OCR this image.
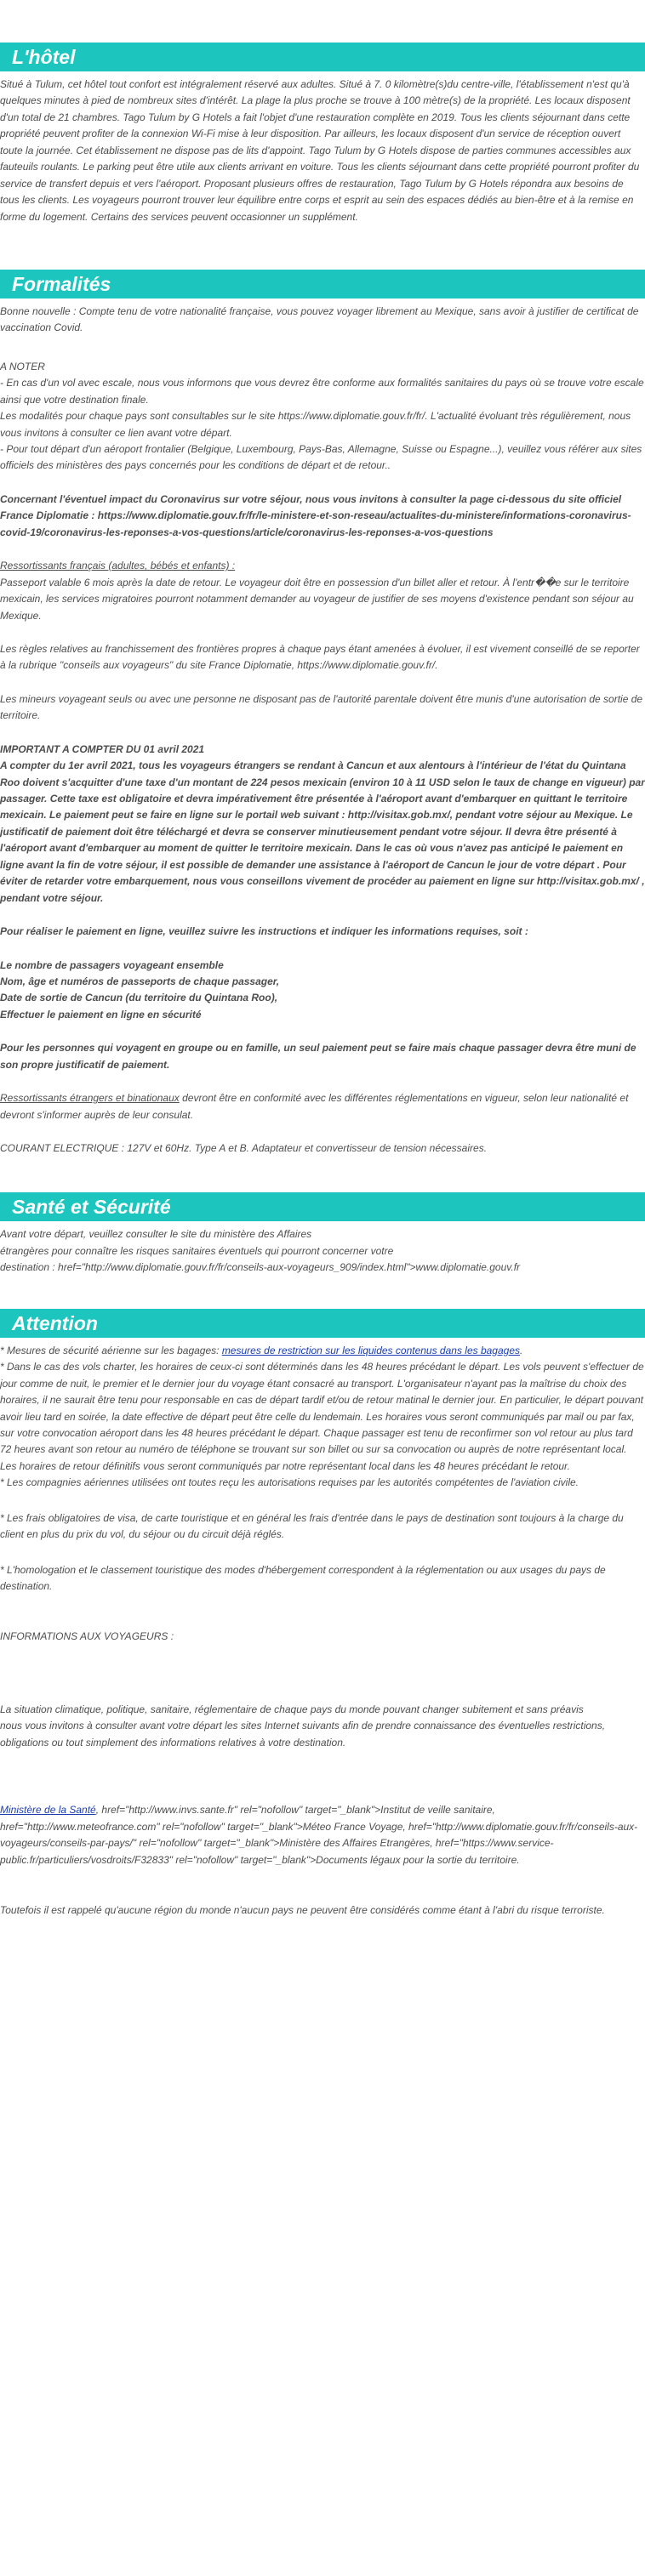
L'hôtel

Situé à Tulum, cet hôtel tout confort est intégralement réservé aux adultes. Situé à 7. 0 kilomètre(s)du centre-ville, l'établissement n'est qu'à quelques minutes à pied de nombreux sites d'intérêt. La plage la plus proche se trouve à 100 mètre(s) de la propriété. Les locaux disposent d'un total de 21 chambres. Tago Tulum by G Hotels a fait l'objet d'une restauration complète en 2019. Tous les clients séjournant dans cette propriété peuvent profiter de la connexion Wi-Fi mise à leur disposition. Par ailleurs, les locaux disposent d'un service de réception ouvert toute la journée. Cet établissement ne dispose pas de lits d'appoint. Tago Tulum by G Hotels dispose de parties communes accessibles aux fauteuils roulants. Le parking peut être utile aux clients arrivant en voiture. Tous les clients séjournant dans cette propriété pourront profiter du service de transfert depuis et vers l'aéroport. Proposant plusieurs offres de restauration, Tago Tulum by G Hotels répondra aux besoins de tous les clients. Les voyageurs pourront trouver leur équilibre entre corps et esprit au sein des espaces dédiés au bien-être et à la remise en forme du logement. Certains des services peuvent occasionner un supplément.

Formalités

Bonne nouvelle : Compte tenu de votre nationalité française, vous pouvez voyager librement au Mexique, sans avoir à justifier de certificat de vaccination Covid.

A NOTER

- En cas d'un vol avec escale, nous vous informons que vous devrez être conforme aux formalités sanitaires du pays où se trouve votre escale ainsi que votre destination finale.

Les modalités pour chaque pays sont consultables sur le site https://www.diplomatie.gouv.fr/fr/. L'actualité évoluant très régulièrement, nous vous invitons à consulter ce lien avant votre départ.

- Pour tout départ d'un aéroport frontalier (Belgique, Luxembourg, Pays-Bas, Allemagne, Suisse ou Espagne...), veuillez vous référer aux sites officiels des ministères des pays concernés pour les conditions de départ et de retour..

Concernant l'éventuel impact du Coronavirus sur votre séjour, nous vous invitons à consulter la page ci-dessous du site officiel France Diplomatie : https://www.diplomatie.gouv.fr/fr/le-ministere-et-son-reseau/actualites-du-ministere/informations-coronavirus-covid-19/coronavirus-les-reponses-a-vos-questions/article/coronavirus-les-reponses-a-vos-questions

Ressortissants français (adultes, bébés et enfants) :

Passeport valable 6 mois après la date de retour. Le voyageur doit être en possession d'un billet aller et retour. À l'entr��e sur le territoire mexicain, les services migratoires pourront notamment demander au voyageur de justifier de ses moyens d'existence pendant son séjour au Mexique.

Les règles relatives au franchissement des frontières propres à chaque pays étant amenées à évoluer, il est vivement conseillé de se reporter à la rubrique "conseils aux voyageurs" du site France Diplomatie, https://www.diplomatie.gouv.fr/.

Les mineurs voyageant seuls ou avec une personne ne disposant pas de l'autorité parentale doivent être munis d'une autorisation de sortie de territoire.

IMPORTANT A COMPTER DU 01 avril 2021

A compter du 1er avril 2021, tous les voyageurs étrangers se rendant à Cancun et aux alentours à l'intérieur de l'état du Quintana Roo doivent s'acquitter d'une taxe d'un montant de 224 pesos mexicain (environ 10 à 11 USD selon le taux de change en vigueur) par passager. Cette taxe est obligatoire et devra impérativement être présentée à l'aéroport avant d'embarquer en quittant le territoire mexicain. Le paiement peut se faire en ligne sur le portail web suivant : http://visitax.gob.mx/, pendant votre séjour au Mexique. Le justificatif de paiement doit être téléchargé et devra se conserver minutieusement pendant votre séjour. Il devra être présenté à l'aéroport avant d'embarquer au moment de quitter le territoire mexicain. Dans le cas où vous n'avez pas anticipé le paiement en ligne avant la fin de votre séjour, il est possible de demander une assistance à l'aéroport de Cancun le jour de votre départ . Pour éviter de retarder votre embarquement, nous vous conseillons vivement de procéder au paiement en ligne sur http://visitax.gob.mx/ , pendant votre séjour.

Pour réaliser le paiement en ligne, veuillez suivre les instructions et indiquer les informations requises, soit :

Le nombre de passagers voyageant ensemble

Nom, âge et numéros de passeports de chaque passager,

Date de sortie de Cancun (du territoire du Quintana Roo),

Effectuer le paiement en ligne en sécurité

Pour les personnes qui voyagent en groupe ou en famille, un seul paiement peut se faire mais chaque passager devra être muni de son propre justificatif de paiement.

Ressortissants étrangers et binationaux devront être en conformité avec les différentes réglementations en vigueur, selon leur nationalité et devront s'informer auprès de leur consulat.

COURANT ELECTRIQUE : 127V et 60Hz. Type A et B. Adaptateur et convertisseur de tension nécessaires.

Santé et Sécurité

Avant votre départ, veuillez consulter le site du ministère des Affaires

étrangères pour connaître les risques sanitaires éventuels qui pourront concerner votre

destination : href="http://www.diplomatie.gouv.fr/fr/conseils-aux-voyageurs_909/index.html">www.diplomatie.gouv.fr

Attention

* Mesures de sécurité aérienne sur les bagages: mesures de restriction sur les liquides contenus dans les bagages.

* Dans le cas des vols charter, les horaires de ceux-ci sont déterminés dans les 48 heures précédant le départ. Les vols peuvent s'effectuer de jour comme de nuit, le premier et le dernier jour du voyage étant consacré au transport. L'organisateur n'ayant pas la maîtrise du choix des horaires, il ne saurait être tenu pour responsable en cas de départ tardif et/ou de retour matinal le dernier jour. En particulier, le départ pouvant avoir lieu tard en soirée, la date effective de départ peut être celle du lendemain. Les horaires vous seront communiqués par mail ou par fax, sur votre convocation aéroport dans les 48 heures précédant le départ. Chaque passager est tenu de reconfirmer son vol retour au plus tard 72 heures avant son retour au numéro de téléphone se trouvant sur son billet ou sur sa convocation ou auprès de notre représentant local. Les horaires de retour définitifs vous seront communiqués par notre représentant local dans les 48 heures précédant le retour.

* Les compagnies aériennes utilisées ont toutes reçu les autorisations requises par les autorités compétentes de l'aviation civile.

* Les frais obligatoires de visa, de carte touristique et en général les frais d'entrée dans le pays de destination sont toujours à la charge du client en plus du prix du vol, du séjour ou du circuit déjà réglés.

* L'homologation et le classement touristique des modes d'hébergement correspondent à la réglementation ou aux usages du pays de destination.

INFORMATIONS AUX VOYAGEURS :

La situation climatique, politique, sanitaire, réglementaire de chaque pays du monde pouvant changer subitement et sans préavis

nous vous invitons à consulter avant votre départ les sites Internet suivants afin de prendre connaissance des éventuelles restrictions, obligations ou tout simplement des informations relatives à votre destination.

Ministère de la Santé, href="http://www.invs.sante.fr" rel="nofollow" target="_blank">Institut de veille sanitaire, href="http://www.meteofrance.com" rel="nofollow" target="_blank">Méteo France Voyage, href="http://www.diplomatie.gouv.fr/fr/conseils-aux-voyageurs/conseils-par-pays/" rel="nofollow" target="_blank">Ministère des Affaires Etrangères, href="https://www.service-public.fr/particuliers/vosdroits/F32833" rel="nofollow" target="_blank">Documents légaux pour la sortie du territoire.

Toutefois il est rappelé qu'aucune région du monde n'aucun pays ne peuvent être considérés comme étant à l'abri du risque terroriste.
